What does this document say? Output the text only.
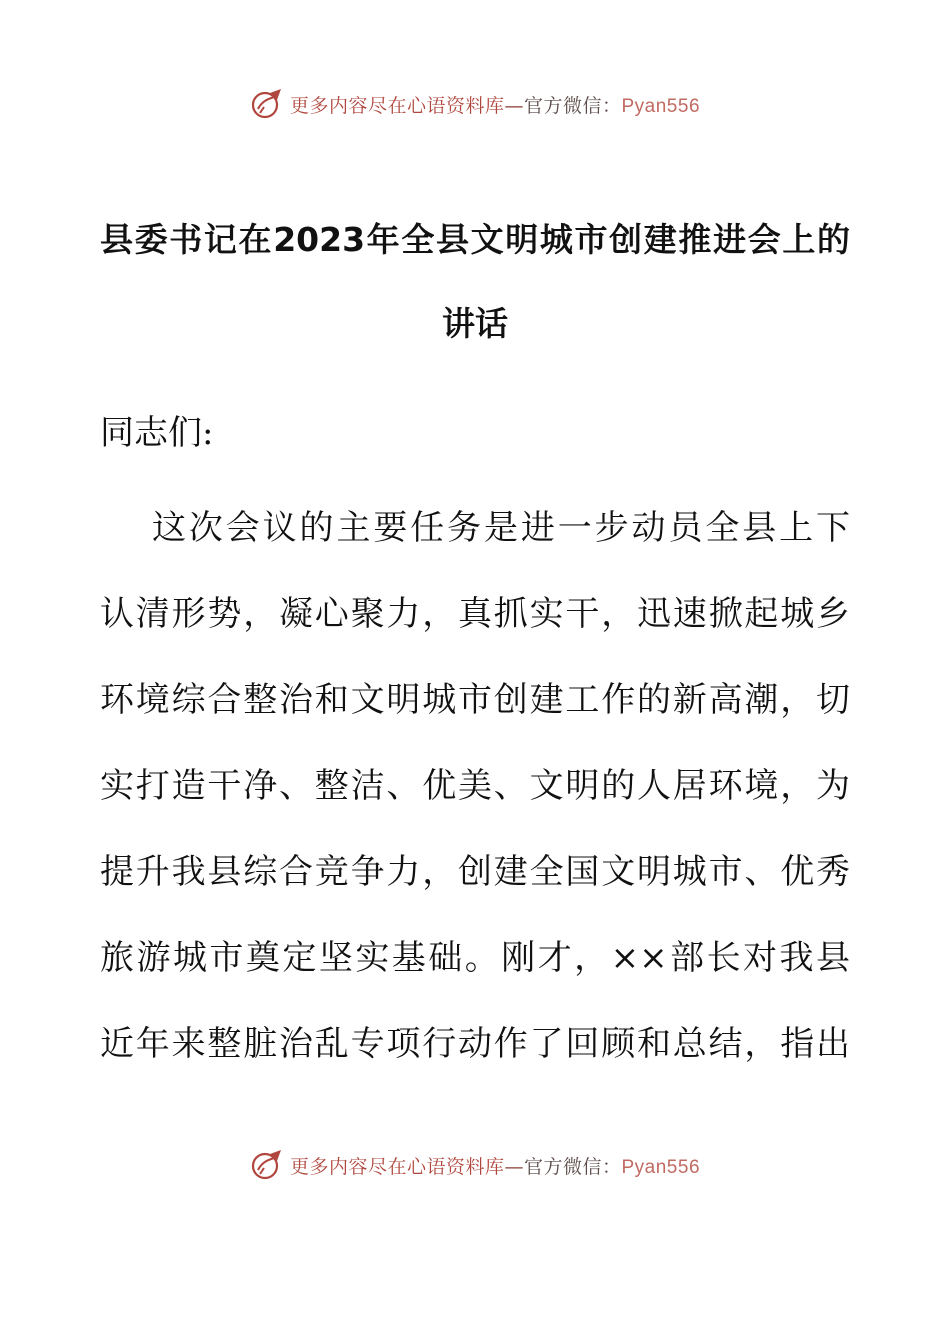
更多内容尽在心语资料库—官方微信：Pyan556
县委书记在2023年全县文明城市创建推进会上的
讲话
同志们:
这次会议的主要任务是进一步动员全县上下
认清形势，凝心聚力，真抓实干，迅速掀起城乡
环境综合整治和文明城市创建工作的新高潮，切
实打造干净、整洁、优美、文明的人居环境，为
提升我县综合竞争力，创建全国文明城市、优秀
旅游城市奠定坚实基础。刚才，××部长对我县
近年来整脏治乱专项行动作了回顾和总结，指出
更多内容尽在心语资料库—官方微信：Pyan556
